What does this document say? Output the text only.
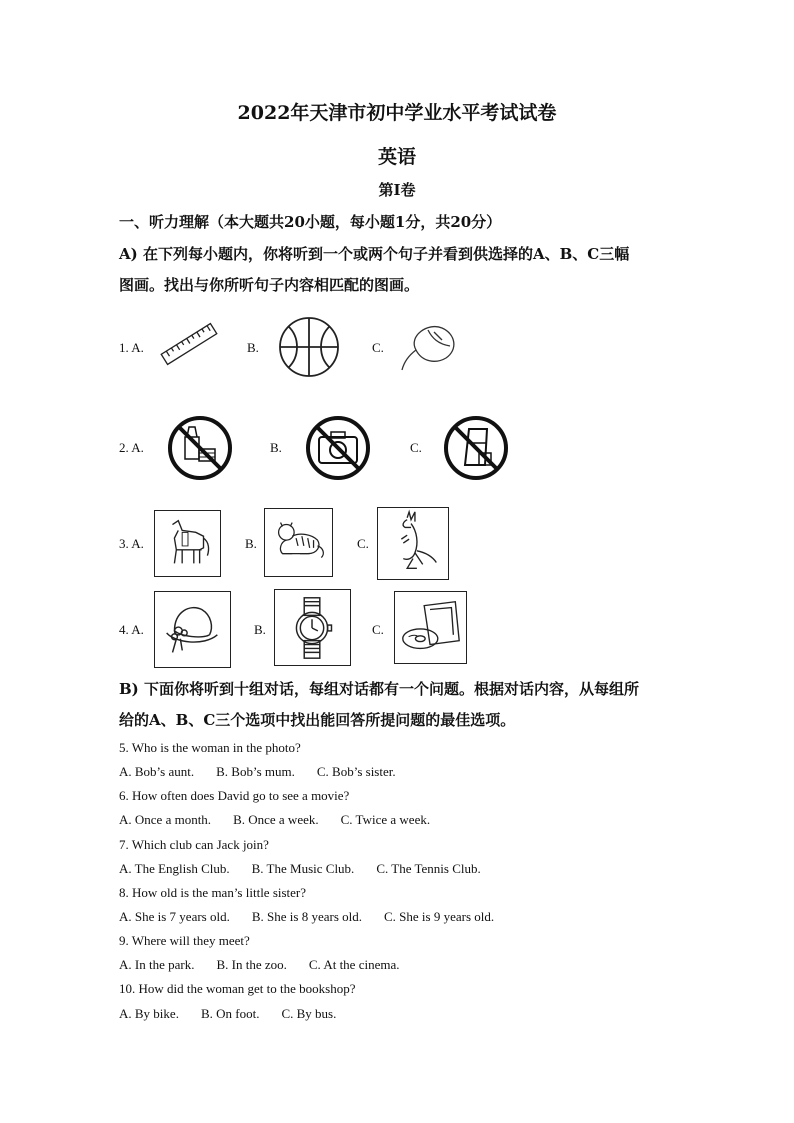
2022年天津市初中学业水平考试试卷
英语
第I卷
一、听力理解（本大题共20小题，每小题1分，共20分）
A) 在下列每小题内，你将听到一个或两个句子并看到供选择的A、B、C三幅
图画。找出与你所听句子内容相匹配的图画。
1. A.	B.	C.
2. A.	B.	C.
3. A.	B.	C.
4. A.	B.	C.
B) 下面你将听到十组对话，每组对话都有一个问题。根据对话内容，从每组所
给的A、B、C三个选项中找出能回答所提问题的最佳选项。
5. Who is the woman in the photo?
A. Bob’s aunt. B. Bob’s mum. C. Bob’s sister.
6. How often does David go to see a movie?
A. Once a month. B. Once a week. C. Twice a week.
7. Which club can Jack join?
A. The English Club. B. The Music Club. C. The Tennis Club.
8. How old is the man’s little sister?
A. She is 7 years old. B. She is 8 years old. C. She is 9 years old.
9. Where will they meet?
A. In the park. B. In the zoo. C. At the cinema.
10. How did the woman get to the bookshop?
A. By bike. B. On foot. C. By bus.
